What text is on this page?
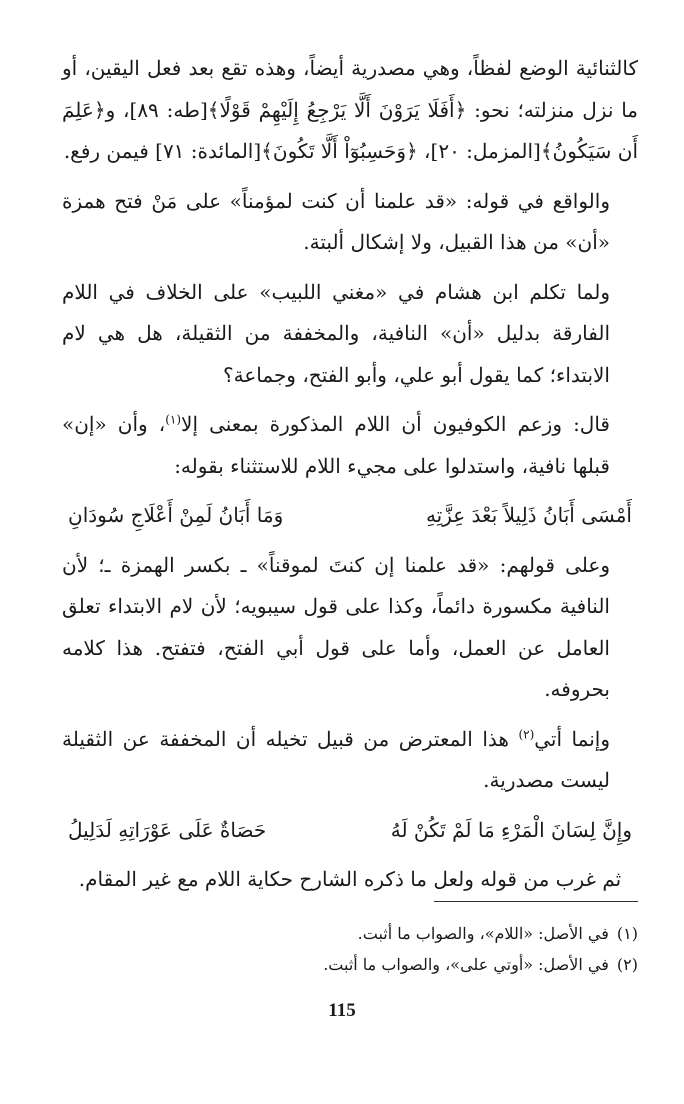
كالثنائية الوضع لفظاً، وهي مصدرية أيضاً، وهذه تقع بعد فعل اليقين، أو ما نزل منزلته؛ نحو: ﴿أَفَلَا يَرَوْنَ أَلَّا يَرْجِعُ إِلَيْهِمْ قَوْلًا﴾[طه: ٨٩]، و﴿عَلِمَ أَن سَيَكُونُ﴾[المزمل: ٢٠]، ﴿وَحَسِبُوٓاْ أَلَّا تَكُونَ﴾[المائدة: ٧١] فيمن رفع.

والواقع في قوله: «قد علمنا أن كنت لمؤمناً» على مَنْ فتح همزة «أن» من هذا القبيل، ولا إشكال ألبتة.

ولما تكلم ابن هشام في «مغني اللبيب» على الخلاف في اللام الفارقة بدليل «أن» النافية، والمخففة من الثقيلة، هل هي لام الابتداء؛ كما يقول أبو علي، وأبو الفتح، وجماعة؟

قال: وزعم الكوفيون أن اللام المذكورة بمعنى إلا$^{(١)}$، وأن «إن» قبلها نافية، واستدلوا على مجيء اللام للاستثناء بقوله:

أَمْسَى أَبَانُ ذَلِيلاً بَعْدَ عِزَّتِهِ
وَمَا أَبَانُ لَمِنْ أَعْلَاجِ سُودَانِ

وعلى قولهم: «قد علمنا إن كنتَ لموقناً» ـ بكسر الهمزة ـ؛ لأن النافية مكسورة دائماً، وكذا على قول سيبويه؛ لأن لام الابتداء تعلق العامل عن العمل، وأما على قول أبي الفتح، فتفتح. هذا كلامه بحروفه.

وإنما أتي$^{(٢)}$ هذا المعترض من قبيل تخيله أن المخففة عن الثقيلة ليست مصدرية.

وإِنَّ لِسَانَ الْمَرْءِ مَا لَمْ تَكُنْ لَهُ
حَصَاةٌ عَلَى عَوْرَاتِهِ لَدَلِيلُ

ثم غرب من قوله ولعل ما ذكره الشارح حكاية اللام مع غير المقام.

(١)في الأصل: «اللام»، والصواب ما أثبت.

(٢)في الأصل: «أوتي على»، والصواب ما أثبت.

115
